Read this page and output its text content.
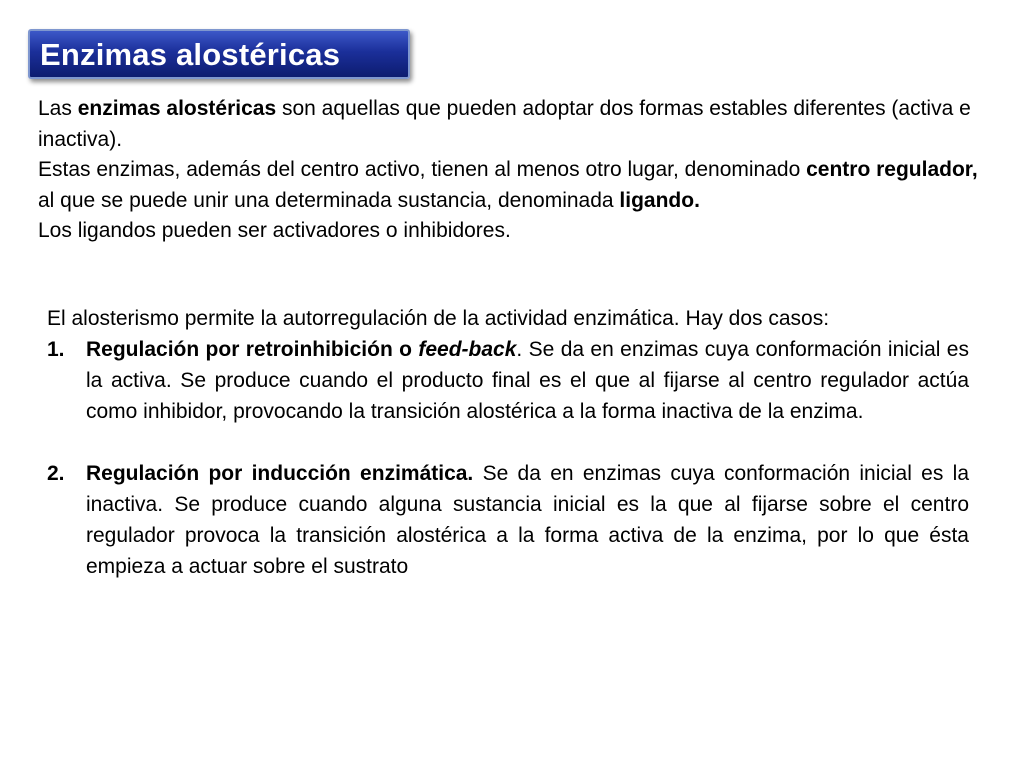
Enzimas alostéricas

Las enzimas alostéricas son aquellas que pueden adoptar dos formas estables diferentes (activa e inactiva).

Estas enzimas, además del centro activo, tienen al menos otro lugar, denominado centro regulador, al que se puede unir una determinada sustancia, denominada ligando.

Los ligandos pueden ser activadores o inhibidores.

El alosterismo permite la autorregulación de la actividad enzimática. Hay dos casos:

1. Regulación por retroinhibición o feed-back. Se da en enzimas cuya conformación inicial es la activa. Se produce cuando el producto final es el que al fijarse al centro regulador actúa como inhibidor, provocando la transición alostérica a la forma inactiva de la enzima.
2. Regulación por inducción enzimática. Se da en enzimas cuya conformación inicial es la inactiva. Se produce cuando alguna sustancia inicial es la que al fijarse sobre el centro regulador provoca la transición alostérica a la forma activa de la enzima, por lo que ésta empieza a actuar sobre el sustrato
